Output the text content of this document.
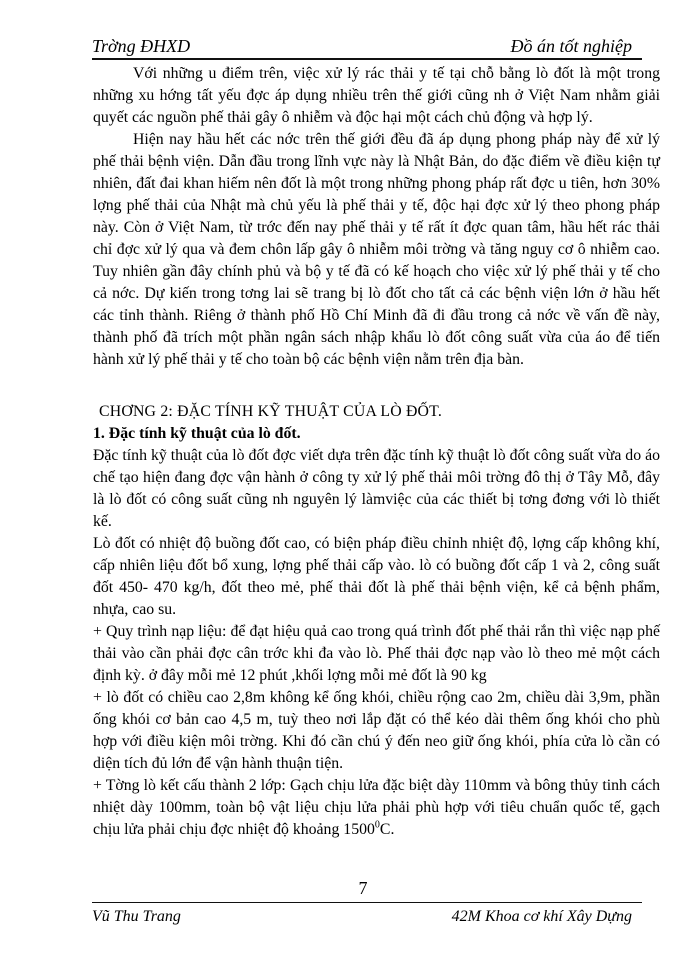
Trờng ĐHXD	Đồ án tốt nghiệp

Với những u điểm trên, việc xử lý rác thải y tế tại chỗ bằng lò đốt là một trong những xu hớng tất yếu đợc áp dụng nhiều trên thế giới cũng nh ở Việt Nam nhằm giải quyết các nguồn phế thải gây ô nhiễm và độc hại một cách chủ động và hợp lý.

Hiện nay hầu hết các nớc trên thế giới đều đã áp dụng phong pháp này để xử lý phế thải bệnh viện. Dẫn đầu trong lĩnh vực này là Nhật Bản, do đặc điểm về điều kiện tự nhiên, đất đai khan hiếm nên đốt là một trong những phong pháp rất đợc u tiên, hơn 30% lợng phế thải của Nhật mà chủ yếu là phế thải y tế, độc hại đợc xử lý theo phong pháp này. Còn ở Việt Nam, từ trớc đến nay phế thải y tế rất ít đợc quan tâm, hầu hết rác thải chỉ đợc xử lý qua và đem chôn lấp gây ô nhiễm môi trờng và tăng nguy cơ ô nhiễm cao. Tuy nhiên gần đây chính phủ và bộ y tế đã có kế hoạch cho việc xử lý phế thải y tế cho cả nớc. Dự kiến trong tơng lai sẽ trang bị lò đốt cho tất cả các bệnh viện lớn ở hầu hết các tỉnh thành. Riêng ở thành phố Hồ Chí Minh đã đi đầu trong cả nớc về vấn đề này, thành phố đã trích một phần ngân sách nhập khẩu lò đốt công suất vừa của áo để tiến hành xử lý phế thải y tế cho toàn bộ các bệnh viện nằm trên địa bàn.

CHƠNG 2: ĐẶC TÍNH KỸ THUẬT CỦA LÒ ĐỐT.

1. Đặc tính kỹ thuật của lò đốt.

Đặc tính kỹ thuật của lò đốt đợc viết dựa trên đặc tính kỹ thuật lò đốt công suất vừa do áo chế tạo hiện đang đợc vận hành ở công ty xử lý phế thải môi trờng đô thị ở Tây Mỗ, đây là lò đốt có công suất cũng nh nguyên lý làmviệc của các thiết bị tơng đơng với lò thiết kế.

Lò đốt có nhiệt độ buồng đốt cao, có biện pháp điều chỉnh nhiệt độ, lợng cấp không khí, cấp nhiên liệu đốt bổ xung, lợng phế thải cấp vào. lò có buồng đốt cấp 1 và 2, công suất đốt 450- 470 kg/h, đốt theo mẻ, phế thải đốt là phế thải bệnh viện, kể cả bệnh phẩm, nhựa, cao su.

+ Quy trình nạp liệu: để đạt hiệu quả cao trong quá trình đốt phế thải rắn thì việc nạp phế thải vào cần phải đợc cân trớc khi đa vào lò. Phế thải đợc nạp vào lò theo mẻ một cách định kỳ. ở đây mỗi mẻ 12 phút ,khối lợng mỗi mẻ đốt là 90 kg

+ lò đốt có chiều cao 2,8m không kể ống khói, chiều rộng cao 2m, chiều dài 3,9m, phần ống khói cơ bản cao 4,5 m, tuỳ theo nơi lắp đặt có thể kéo dài thêm ống khói cho phù hợp với điều kiện môi trờng. Khi đó cần chú ý đến neo giữ ống khói, phía cửa lò cần có diện tích đủ lớn để vận hành thuận tiện.

+ Tờng lò kết cấu thành 2 lớp: Gạch chịu lửa đặc biệt dày 110mm và bông thủy tinh cách nhiệt dày 100mm, toàn bộ vật liệu chịu lửa phải phù hợp với tiêu chuẩn quốc tế, gạch chịu lửa phải chịu đợc nhiệt độ khoảng 1500$^0$C.

7
Vũ Thu Trang	42M Khoa cơ khí Xây Dựng
